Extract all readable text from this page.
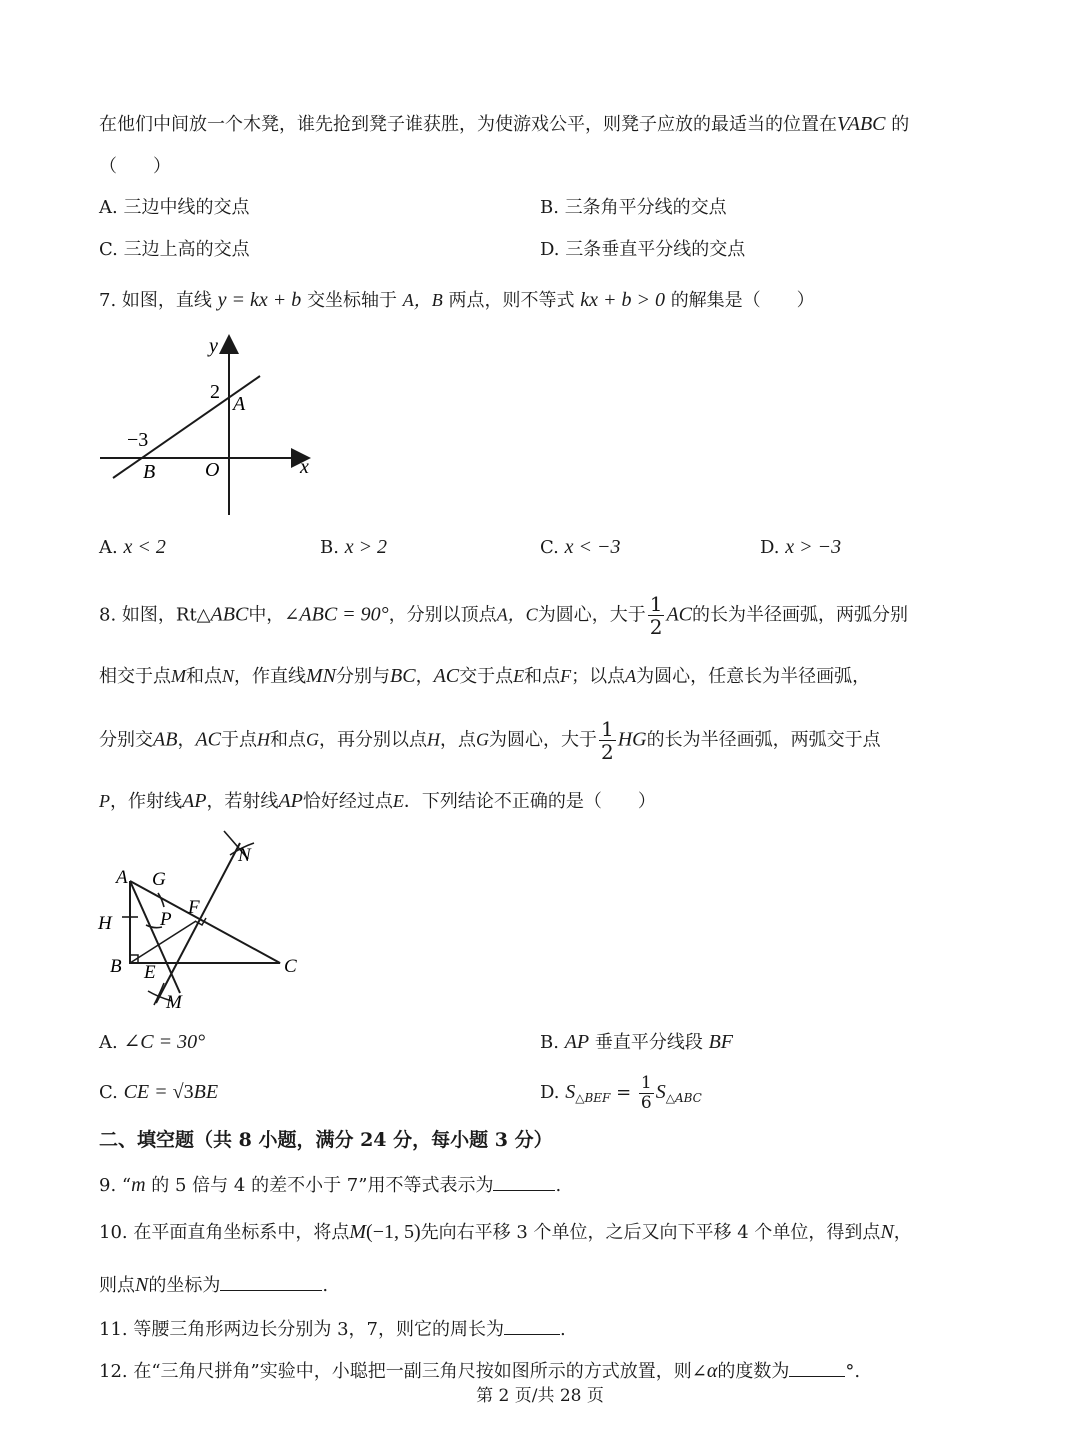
在他们中间放一个木凳，谁先抢到凳子谁获胜，为使游戏公平，则凳子应放的最适当的位置在VABC 的
（　　）
A. 三边中线的交点	B. 三条角平分线的交点
C. 三边上高的交点	D. 三条垂直平分线的交点
7. 如图，直线 y = kx + b 交坐标轴于 A，B 两点，则不等式 kx + b > 0 的解集是（　　）
y
x
O
2
A
−3
B
A. x < 2	B. x > 2	C. x < −3	D. x > −3
8. 如图，Rt△ABC中，∠ABC = 90°，分别以顶点A，C为圆心，大于 $\frac{1}{2}$ AC的长为半径画弧，两弧分别
相交于点M和点N，作直线MN分别与BC，AC交于点E和点F；以点A为圆心，任意长为半径画弧，
分别交AB，AC于点H和点G，再分别以点H，点G为圆心，大于 $\frac{1}{2}$ HG的长为半径画弧，两弧交于点
P，作射线AP，若射线AP恰好经过点E．下列结论不正确的是（　　）
A G
H	P
F
B E	C
M
N
A. ∠C = 30°	B. AP 垂直平分线段 BF
C. CE = √3BE	D. $S_{\triangle BEF} = \frac{1}{6} S_{\triangle ABC}$
二、填空题（共 8 小题，满分 24 分，每小题 3 分）
9. “m 的 5 倍与 4 的差不小于 7”用不等式表示为	.
10. 在平面直角坐标系中，将点M(−1, 5)先向右平移 3 个单位，之后又向下平移 4 个单位，得到点N，
则点N的坐标为	.
11. 等腰三角形两边长分别为 3，7，则它的周长为	.
12. 在“三角尺拼角”实验中，小聪把一副三角尺按如图所示的方式放置，则∠α的度数为	°.
第 2 页/共 28 页
